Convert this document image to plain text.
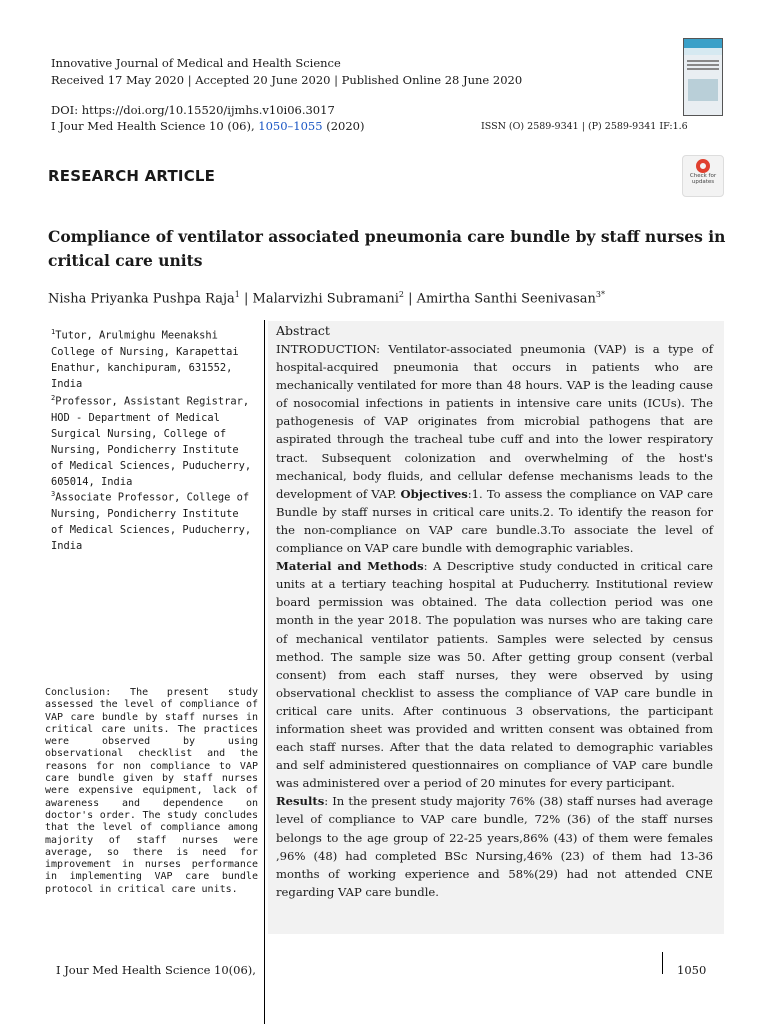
Innovative Journal of Medical and Health Science
Received 17 May 2020 | Accepted 20 June 2020 | Published Online 28 June 2020
DOI: https://doi.org/10.15520/ijmhs.v10i06.3017
I Jour Med Health Science 10 (06), 1050–1055 (2020)	ISSN (O) 2589-9341 | (P) 2589-9341 IF:1.6
Check for
updates
RESEARCH ARTICLE
Compliance of ventilator associated pneumonia care bundle by staff nurses in critical care units
Nisha Priyanka Pushpa Raja$^1$ | Malarvizhi Subramani$^2$ | Amirtha Santhi Seenivasan$^{3*}$
$^1$Tutor, Arulmighu Meenakshi College of Nursing, Karapettai Enathur, kanchipuram, 631552, India
$^2$Professor, Assistant Registrar, HOD - Department of Medical Surgical Nursing, College of Nursing, Pondicherry Institute of Medical Sciences, Puducherry, 605014, India
$^3$Associate Professor, College of Nursing, Pondicherry Institute of Medical Sciences, Puducherry, India
Conclusion: The present study assessed the level of compliance of VAP care bundle by staff nurses in critical care units. The practices were observed by using observational checklist and the reasons for non compliance to VAP care bundle given by staff nurses were expensive equipment, lack of awareness and dependence on doctor's order. The study concludes that the level of compliance among majority of staff nurses were average, so there is need for improvement in nurses performance in implementing VAP care bundle protocol in critical care units.
Abstract

INTRODUCTION: Ventilator-associated pneumonia (VAP) is a type of hospital-acquired pneumonia that occurs in patients who are mechanically ventilated for more than 48 hours. VAP is the leading cause of nosocomial infections in patients in intensive care units (ICUs). The pathogenesis of VAP originates from microbial pathogens that are aspirated through the tracheal tube cuff and into the lower respiratory tract. Subsequent colonization and overwhelming of the host's mechanical, body fluids, and cellular defense mechanisms leads to the development of VAP. Objectives:1. To assess the compliance on VAP care Bundle by staff nurses in critical care units.2. To identify the reason for the non-compliance on VAP care bundle.3.To associate the level of compliance on VAP care bundle with demographic variables.

Material and Methods: A Descriptive study conducted in critical care units at a tertiary teaching hospital at Puducherry. Institutional review board permission was obtained. The data collection period was one month in the year 2018. The population was nurses who are taking care of mechanical ventilator patients. Samples were selected by census method. The sample size was 50. After getting group consent (verbal consent) from each staff nurses, they were observed by using observational checklist to assess the compliance of VAP care bundle in critical care units. After continuous 3 observations, the participant information sheet was provided and written consent was obtained from each staff nurses. After that the data related to demographic variables and self administered questionnaires on compliance of VAP care bundle was administered over a period of 20 minutes for every participant.

Results: In the present study majority 76% (38) staff nurses had average level of compliance to VAP care bundle, 72% (36) of the staff nurses belongs to the age group of 22-25 years,86% (43) of them were females ,96% (48) had completed BSc Nursing,46% (23) of them had 13-36 months of working experience and 58%(29) had not attended CNE regarding VAP care bundle.

I Jour Med Health Science 10(06),	1050
